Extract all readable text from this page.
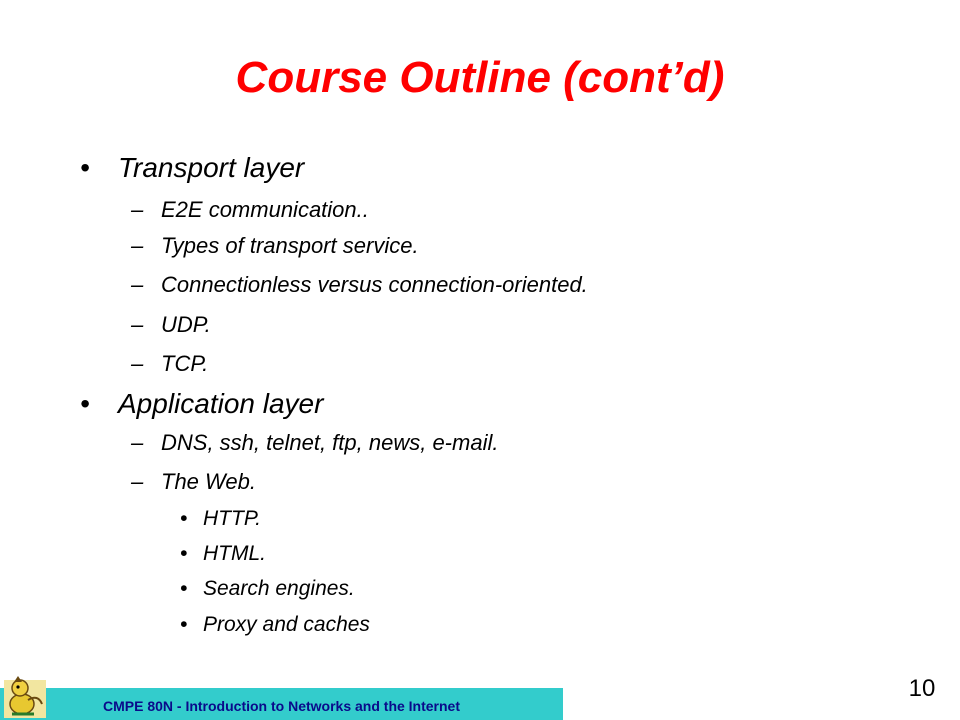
Course Outline (cont’d)
• Transport layer
– E2E communication..
– Types of transport service.
– Connectionless versus connection-oriented.
– UDP.
– TCP.
• Application layer
– DNS, ssh, telnet, ftp, news, e-mail.
– The Web.
• HTTP.
• HTML.
• Search engines.
• Proxy and caches
CMPE 80N - Introduction to Networks and the Internet
10
